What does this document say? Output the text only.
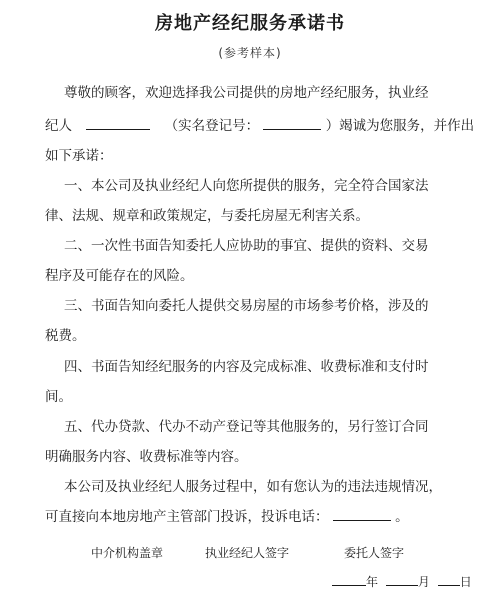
房地产经纪服务承诺书
(参考样本)
尊敬的顾客，欢迎选择我公司提供的房地产经纪服务，执业经
纪人	（实名登记号：	）竭诚为您服务，并作出
如下承诺：
一、本公司及执业经纪人向您所提供的服务，完全符合国家法
律、法规、规章和政策规定，与委托房屋无利害关系。
二、一次性书面告知委托人应协助的事宜、提供的资料、交易
程序及可能存在的风险。
三、书面告知向委托人提供交易房屋的市场参考价格，涉及的
税费。
四、书面告知经纪服务的内容及完成标准、收费标准和支付时
间。
五、代办贷款、代办不动产登记等其他服务的，另行签订合同
明确服务内容、收费标准等内容。
本公司及执业经纪人服务过程中，如有您认为的违法违规情况，
可直接向本地房地产主管部门投诉，投诉电话：	。
中介机构盖章	执业经纪人签字	委托人签字
年	月 日
